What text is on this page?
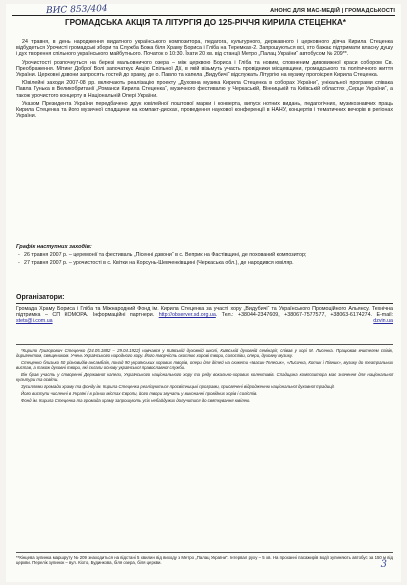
ВИС 853/404	АНОНС ДЛЯ МАС-МЕДІЙ | ГРОМАДСЬКОСТІ
ГРОМАДСЬКА АКЦІЯ ТА ЛІТУРГІЯ ДО 125-РІЧЧЯ КИРИЛА СТЕЦЕНКА*

24 травня, в день народження видатного українського композитора, педагога, культурного, державного і церковного діяча Кирила Стеценка відбудеться Урочисті громадські збори та Служба Божа біля Храму Бориса і Гліба на Теремках-2. Запрошуються всі, хто бажає підтримати власну душу і дух творення спільного українського майбутнього. Початок о 10:30. Їхати 20 хв. від станції Метро „Палац України“ автобусом № 209**.

Урочистості розпочнуться на березі мальовничого озера – між церквою Бориса і Гліба та новим, сповненим дивовижної краси собором Св. Преображення. Мітинг Доброї Волі започаткує Акцію Спільної Дії, в якій візьмуть участь провідники місцевщини, громадського та політичного життя України. Церковні дзвони запросять гостей до храму, де о. Павло та капела „Видубичі“ відслужать Літургію на музику прогоієрея Кирила Стеценка.

Ювілейні заходи 2007-08 рр. включають реалізацію проекту „Духовна музика Кирила Стеценка в соборах України“, унікальної програми співака Павла Гунька в Великобританії „Романси Кирила Стеценка“, музичного фестивалю у Черкаській, Вінницькій та Київській областях „Серце України“, а також урочистого концерту в Національній Опері України.

Указом Президента України передбачено друк ювілейної поштової марки і конверта, випуск нотних видань, педагогічних, музикознавчих праць Кирила Стеценка та його музичної спадщини на компакт-дисках, проведення наукової конференції в НАНУ, концертів і тематичних вечорів в регіонах України.

Графік наступних заходів:
- 26 травня 2007 р. – церемонії та фестиваль „Пісенні дзвони“ в с. Веприк на Фастівщині, де похований композитор;
- 27 травня 2007 р. – урочистості в с. Квітки на Корсунь-Шевченківщині (Черкаська обл.), де народився ювіляр.
Організатори:

Громада Храму Бориса і Гліба та Міжнародний Фонд ім. Кирила Стеценка за участі хору „Видубичі“ та Українського Промоційного Альянсу. Технічна підтримка – СП КОМОРА. Інформаційні партнери. http://observer.sd.org.ua. Тел.: +38044-2347609, +38067-7577577, +38063-6174274. E-mail: stets@i.com.ua	dzvin.ua

*Кирило Григорович Стеценко (24.05.1882 – 29.04.1922) навчався у Київській духовній школі, Київській духовній семінарії, співав у хорі М. Лисенка. Працював вчителем співів, диригентом, священиком. Учень Українського народного хору. Його творчість охоплює хорові твори, солоспіви, опери, духовну музику.

Стеценко близько 50 різновидів-ансамблів, понад 90 українських хорових творів, опери для дітей на сюжети «Івасик-Телесик», «Лисичка, Котик і Півник», музику до театральних вистав, а також духовні твори, які склали основу української православної служби.

Він брав участь у створенні Державної капели, Українського національного хору та ряду вокально-хорових колективів. Спадщина композитора має значення для національної культури та освіти.

Зусиллями громади храму та фонду ім. Кирила Стеценка реалізуються просвітницькі програми, присвячені відродженню національної духовної традиції.

Його виступи численні в Україні і в різних містах Європи, його твори звучать у виконанні провідних хорів і солістів.

Фонд ім. Кирила Стеценка та громада храму запрошують усіх небайдужих долучитися до святкування ювілею.

**Кінцева зупинка маршруту № 209 знаходиться на відстані 5 хвилин від виходу з Метро „Палац України“. Інтервал руху – 5 хв. На проханні пасажирів водії зупиняють автобус за 150 м від церкви. Перелік зупинок – вул. Кіото, Будинкова, біля озера, біля церкви.	3
